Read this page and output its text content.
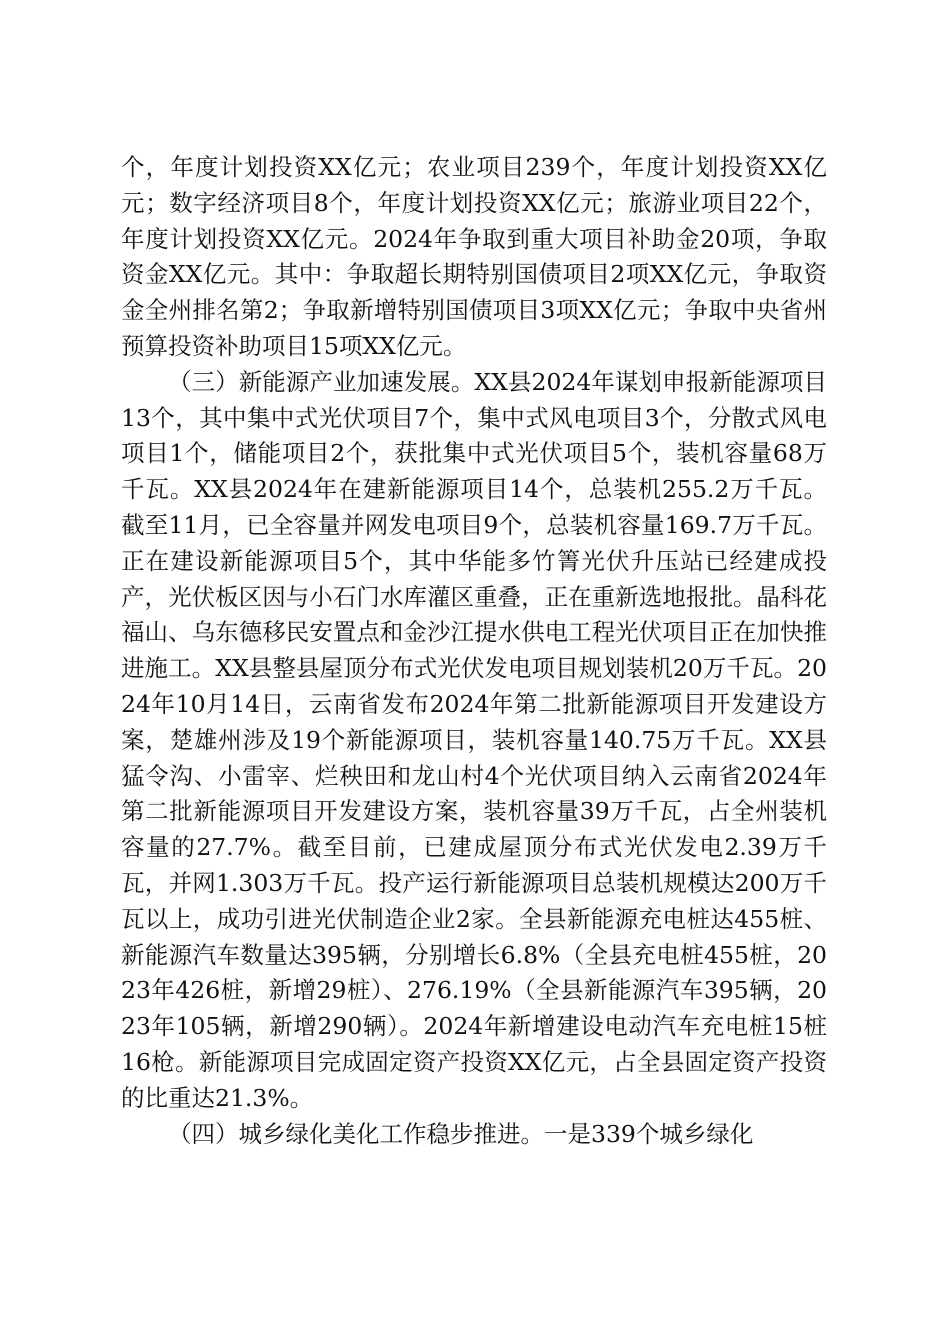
个，年度计划投资XX亿元；农业项目239个，年度计划投资XX亿元；数字经济项目8个，年度计划投资XX亿元；旅游业项目22个，年度计划投资XX亿元。2024年争取到重大项目补助金20项，争取资金XX亿元。其中：争取超长期特别国债项目2项XX亿元，争取资金全州排名第2；争取新增特别国债项目3项XX亿元；争取中央省州预算投资补助项目15项XX亿元。

（三）新能源产业加速发展。XX县2024年谋划申报新能源项目13个，其中集中式光伏项目7个，集中式风电项目3个，分散式风电项目1个，储能项目2个，获批集中式光伏项目5个，装机容量68万千瓦。XX县2024年在建新能源项目14个，总装机255.2万千瓦。截至11月，已全容量并网发电项目9个，总装机容量169.7万千瓦。正在建设新能源项目5个，其中华能多竹箐光伏升压站已经建成投产，光伏板区因与小石门水库灌区重叠，正在重新选地报批。晶科花福山、乌东德移民安置点和金沙江提水供电工程光伏项目正在加快推进施工。XX县整县屋顶分布式光伏发电项目规划装机20万千瓦。2024年10月14日，云南省发布2024年第二批新能源项目开发建设方案，楚雄州涉及19个新能源项目，装机容量140.75万千瓦。XX县猛令沟、小雷宰、烂秧田和龙山村4个光伏项目纳入云南省2024年第二批新能源项目开发建设方案，装机容量39万千瓦，占全州装机容量的27.7%。截至目前，已建成屋顶分布式光伏发电2.39万千瓦，并网1.303万千瓦。投产运行新能源项目总装机规模达200万千瓦以上，成功引进光伏制造企业2家。全县新能源充电桩达455桩、新能源汽车数量达395辆，分别增长6.8%（全县充电桩455桩，2023年426桩，新增29桩）、276.19%（全县新能源汽车395辆，2023年105辆，新增290辆）。2024年新增建设电动汽车充电桩15桩16枪。新能源项目完成固定资产投资XX亿元，占全县固定资产投资的比重达21.3%。

（四）城乡绿化美化工作稳步推进。一是339个城乡绿化
